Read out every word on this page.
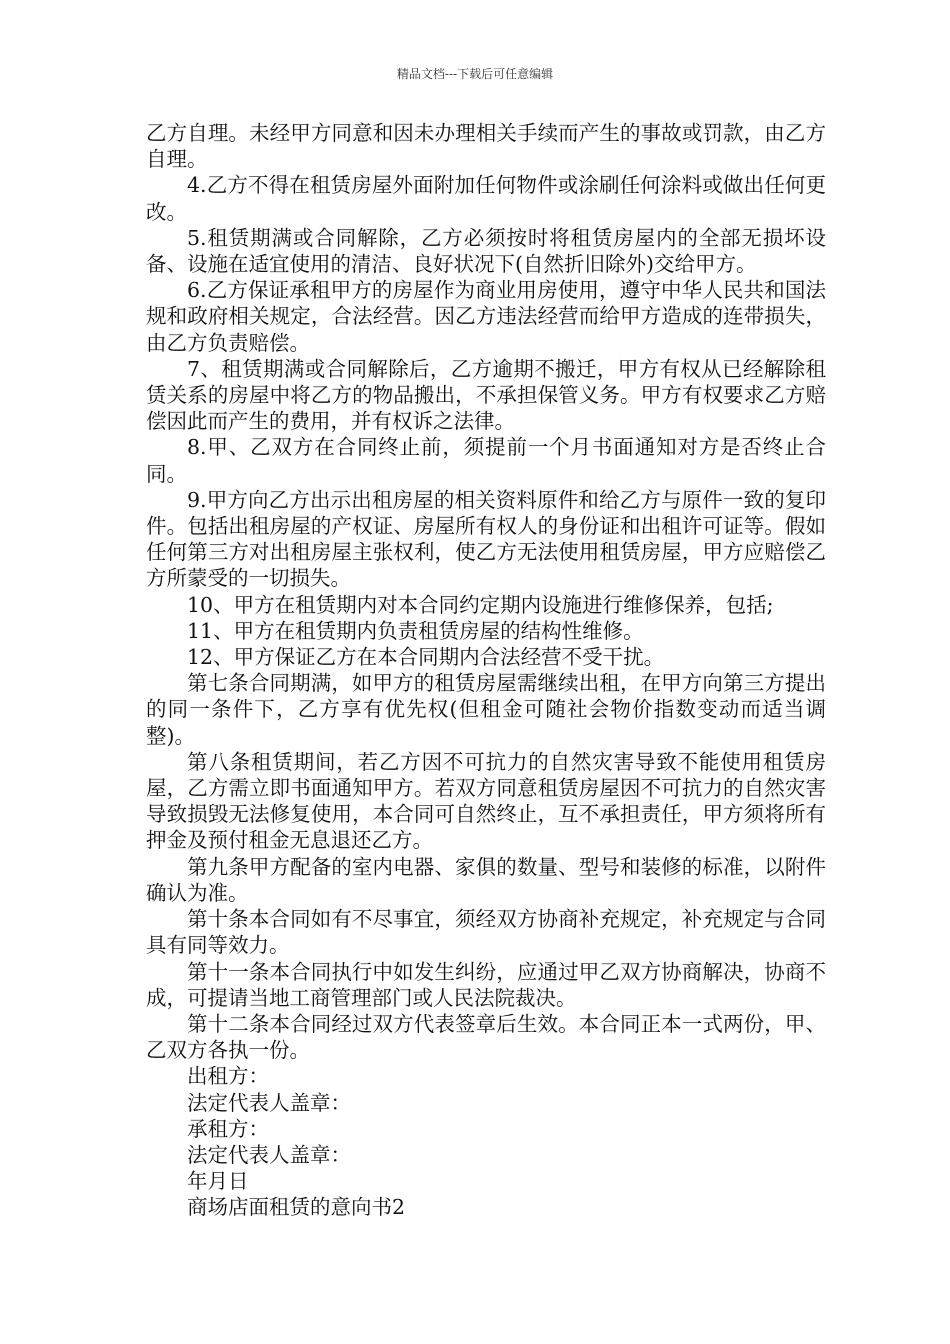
精品文档---下载后可任意编辑

乙方自理。未经甲方同意和因未办理相关手续而产生的事故或罚款，由乙方自理。

4.乙方不得在租赁房屋外面附加任何物件或涂刷任何涂料或做出任何更改。

5.租赁期满或合同解除，乙方必须按时将租赁房屋内的全部无损坏设备、设施在适宜使用的清洁、良好状况下(自然折旧除外)交给甲方。

6.乙方保证承租甲方的房屋作为商业用房使用，遵守中华人民共和国法规和政府相关规定，合法经营。因乙方违法经营而给甲方造成的连带损失，由乙方负责赔偿。

7、租赁期满或合同解除后，乙方逾期不搬迁，甲方有权从已经解除租赁关系的房屋中将乙方的物品搬出，不承担保管义务。甲方有权要求乙方赔偿因此而产生的费用，并有权诉之法律。

8.甲、乙双方在合同终止前，须提前一个月书面通知对方是否终止合同。

9.甲方向乙方出示出租房屋的相关资料原件和给乙方与原件一致的复印件。包括出租房屋的产权证、房屋所有权人的身份证和出租许可证等。假如任何第三方对出租房屋主张权利，使乙方无法使用租赁房屋，甲方应赔偿乙方所蒙受的一切损失。

10、甲方在租赁期内对本合同约定期内设施进行维修保养，包括;

11、甲方在租赁期内负责租赁房屋的结构性维修。

12、甲方保证乙方在本合同期内合法经营不受干扰。

第七条合同期满，如甲方的租赁房屋需继续出租，在甲方向第三方提出的同一条件下，乙方享有优先权(但租金可随社会物价指数变动而适当调整)。

第八条租赁期间，若乙方因不可抗力的自然灾害导致不能使用租赁房屋，乙方需立即书面通知甲方。若双方同意租赁房屋因不可抗力的自然灾害导致损毁无法修复使用，本合同可自然终止，互不承担责任，甲方须将所有押金及预付租金无息退还乙方。

第九条甲方配备的室内电器、家俱的数量、型号和装修的标准，以附件确认为准。

第十条本合同如有不尽事宜，须经双方协商补充规定，补充规定与合同具有同等效力。

第十一条本合同执行中如发生纠纷，应通过甲乙双方协商解决，协商不成，可提请当地工商管理部门或人民法院裁决。

第十二条本合同经过双方代表签章后生效。本合同正本一式两份，甲、乙双方各执一份。

出租方：

法定代表人盖章：

承租方：

法定代表人盖章：

年月日

商场店面租赁的意向书2
